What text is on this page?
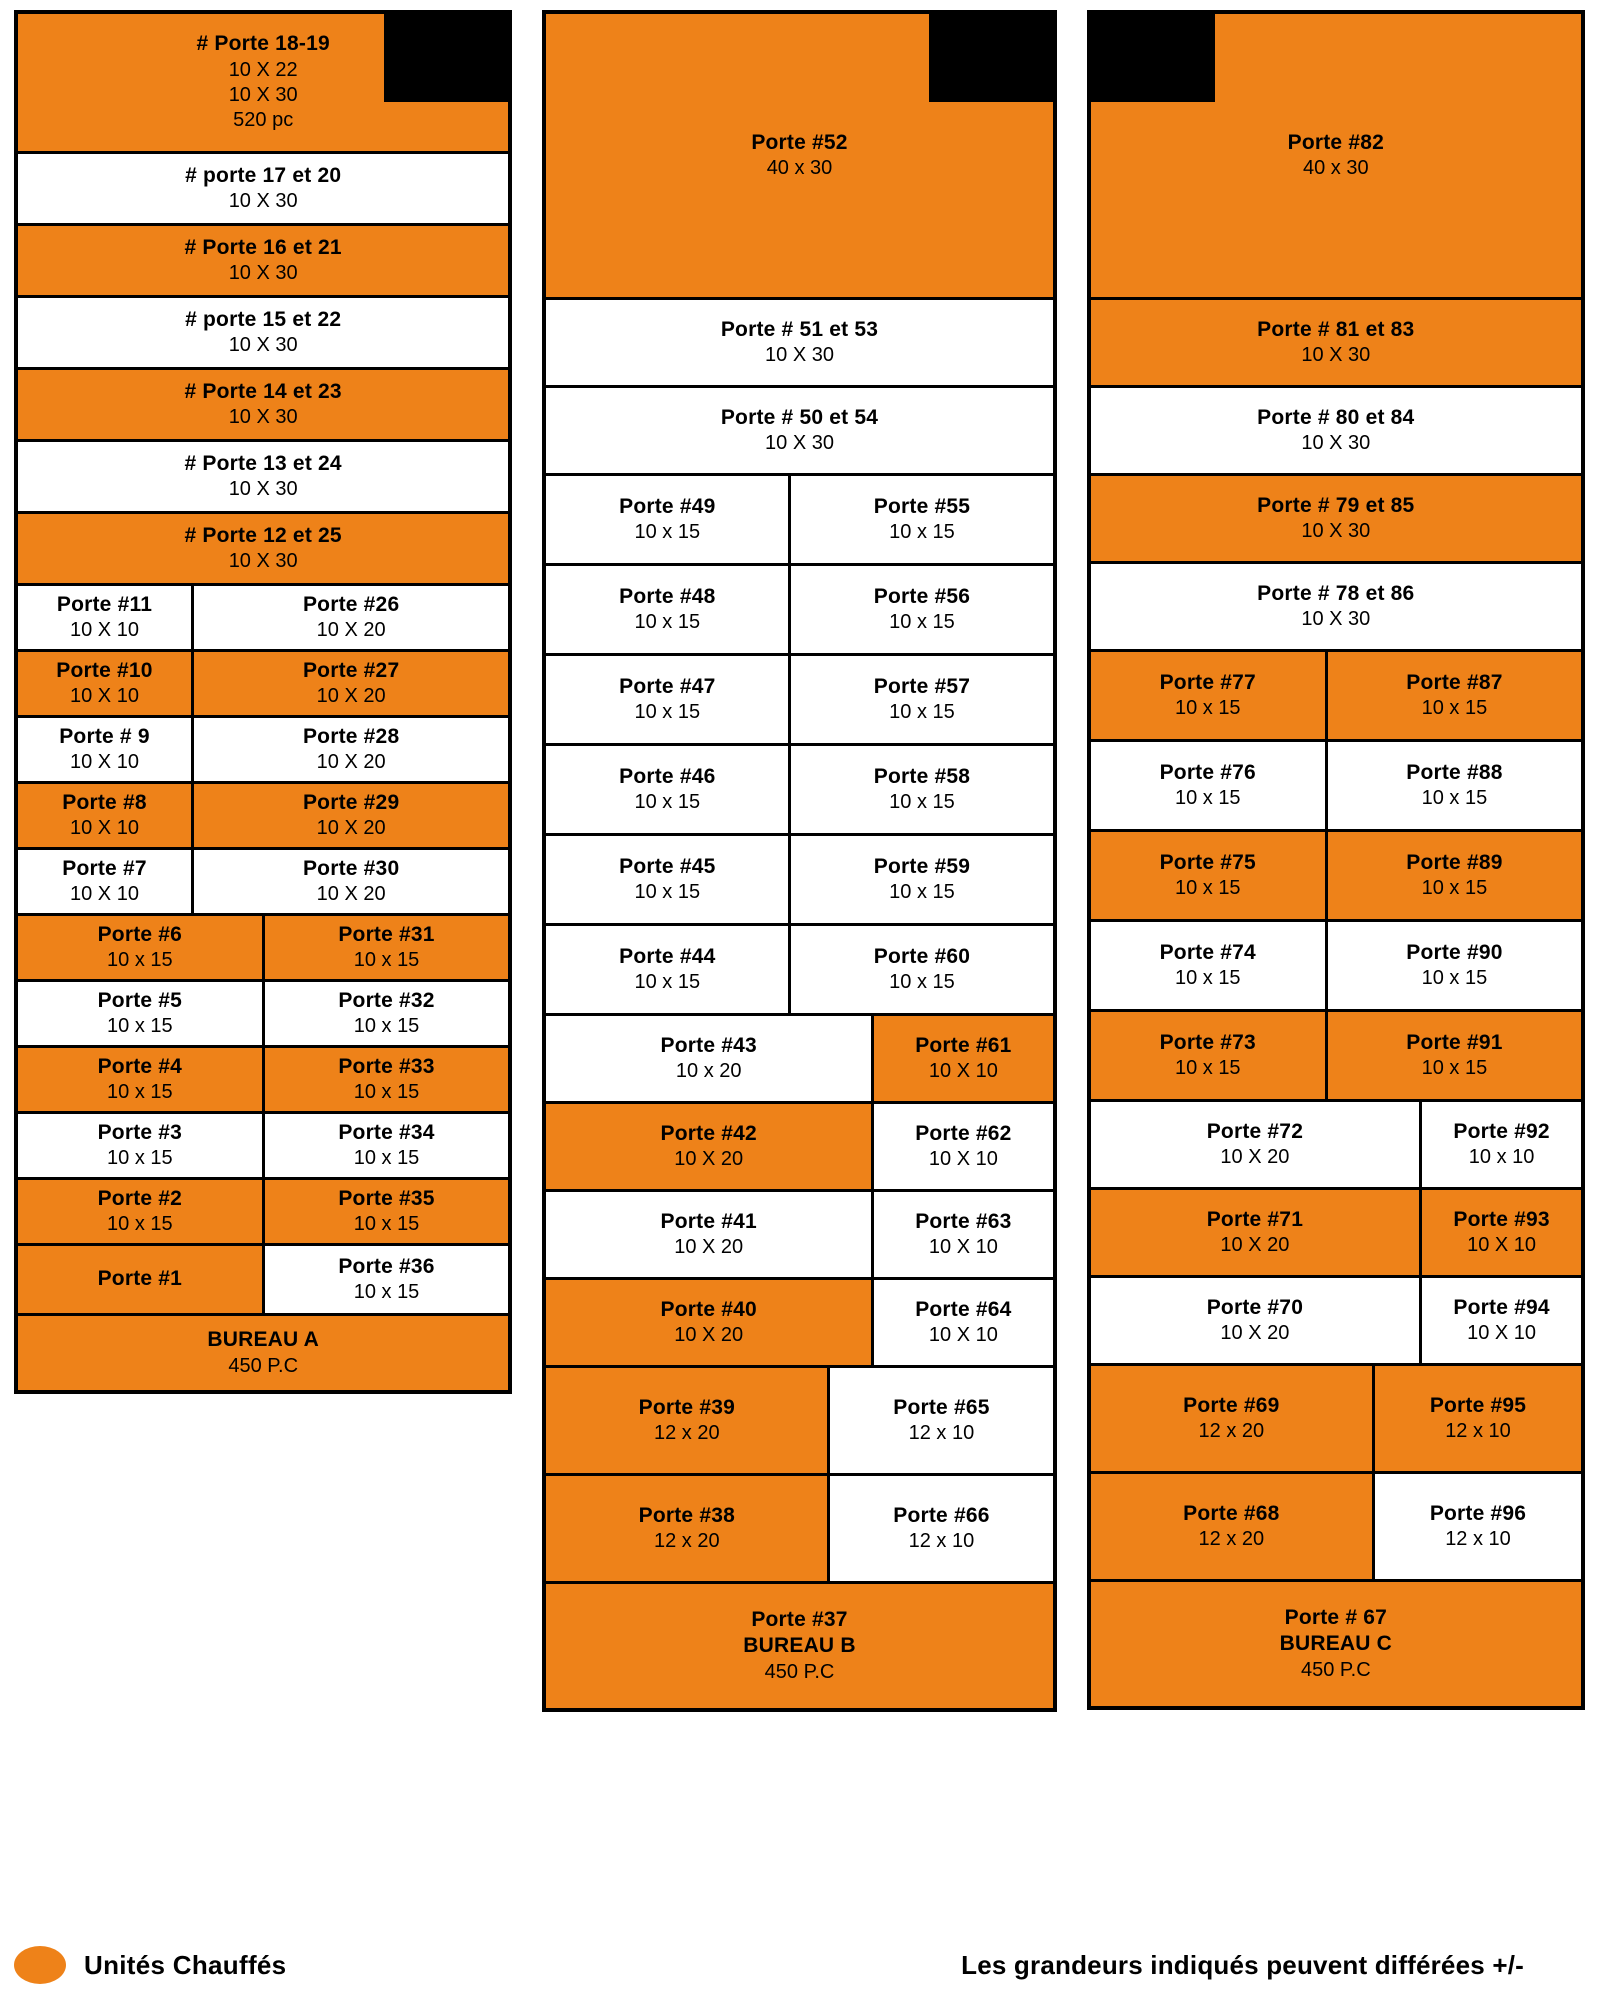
# Porte 18-19
10 X 22
10 X 30
520 pc
# porte 17 et 20
10 X 30
# Porte 16 et 21
10 X 30
# porte 15 et 22
10 X 30
# Porte 14 et 23
10 X 30
# Porte 13 et 24
10 X 30
# Porte 12 et 25
10 X 30
Porte #11
10 X 10
Porte #26
10 X 20
Porte #10
10 X 10
Porte #27
10 X 20
Porte # 9
10 X 10
Porte #28
10 X 20
Porte #8
10 X 10
Porte #29
10 X 20
Porte #7
10 X 10
Porte #30
10 X 20
Porte #6
10 x 15
Porte #31
10 x 15
Porte #5
10 x 15
Porte #32
10 x 15
Porte #4
10 x 15
Porte #33
10 x 15
Porte #3
10 x 15
Porte #34
10 x 15
Porte #2
10 x 15
Porte #35
10 x 15
Porte #1
Porte #36
10 x 15
BUREAU A
450 P.C
Porte #52
40 x 30
Porte # 51 et 53
10 X 30
Porte # 50 et 54
10 X 30
Porte #49
10 x 15
Porte #55
10 x 15
Porte #48
10 x 15
Porte #56
10 x 15
Porte #47
10 x 15
Porte #57
10 x 15
Porte #46
10 x 15
Porte #58
10 x 15
Porte #45
10 x 15
Porte #59
10 x 15
Porte #44
10 x 15
Porte #60
10 x 15
Porte #43
10 x 20
Porte #61
10 X 10
Porte #42
10 X 20
Porte #62
10 X 10
Porte #41
10 X 20
Porte #63
10 X 10
Porte #40
10 X 20
Porte #64
10 X 10
Porte #39
12 x 20
Porte #65
12 x 10
Porte #38
12 x 20
Porte #66
12 x 10
Porte #37
BUREAU B
450 P.C
Porte #82
40 x 30
Porte # 81 et 83
10 X 30
Porte # 80 et 84
10 X 30
Porte # 79 et 85
10 X 30
Porte # 78 et 86
10 X 30
Porte #77
10 x 15
Porte #87
10 x 15
Porte #76
10 x 15
Porte #88
10 x 15
Porte #75
10 x 15
Porte #89
10 x 15
Porte #74
10 x 15
Porte #90
10 x 15
Porte #73
10 x 15
Porte #91
10 x 15
Porte #72
10 X 20
Porte #92
10 x 10
Porte #71
10 X 20
Porte #93
10 X 10
Porte #70
10 X 20
Porte #94
10 X 10
Porte #69
12 x 20
Porte #95
12 x 10
Porte #68
12 x 20
Porte #96
12 x 10
Porte # 67
BUREAU C
450 P.C
Unités Chauffés	Les grandeurs indiqués peuvent différées +/-
